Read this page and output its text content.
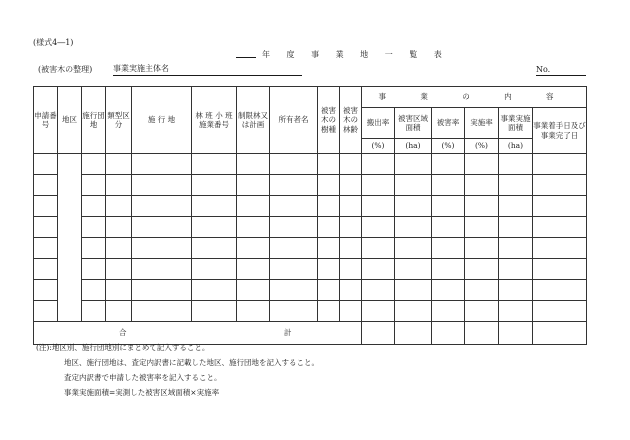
(様式4―1)
年 度 事 業 地 一 覧 表
(被害木の整理)	事業実施主体名	No.
申請番号	地区	施行団地	類型区分	施 行 地	林 班 小 班 施業番号	制限林又は計画	所有者名	被害木の樹種	被害木の林齢	事 業 の 内 容					
										搬出率	被害区域面積	被害率	実施率	事業実施面積	事業着手日及び事業完了日
										(%)	(ha)	(%)	(%)	(ha)	

合 計															

(注):地区別、施行団地別にまとめて記入すること。
地区、施行団地は、査定内訳書に記載した地区、施行団地を記入すること。
査定内訳書で申請した被害率を記入すること。
事業実施面積=実測した被害区域面積×実施率
